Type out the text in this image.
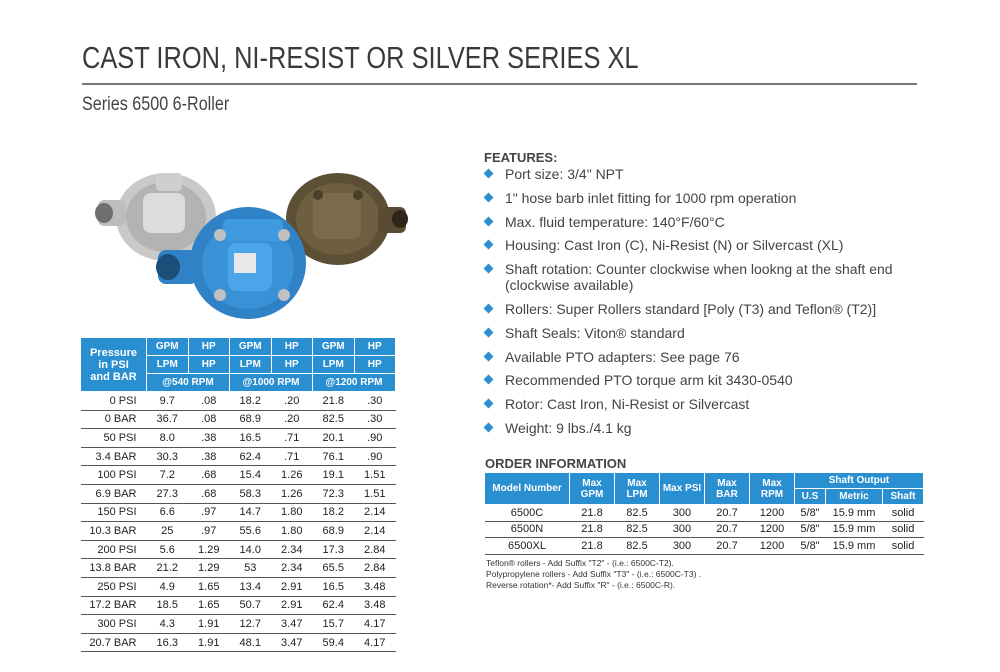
CAST IRON, NI-RESIST OR SILVER SERIES XL
Series 6500 6-Roller
Pressure
in PSI
and BAR	GPM	HP	GPM	HP	GPM	HP
	LPM	HP	LPM	HP	LPM	HP
	@540 RPM		@1000 RPM		@1200 RPM	
0 PSI	9.7	.08	18.2	.20	21.8	.30
0 BAR	36.7	.08	68.9	.20	82.5	.30
50 PSI	8.0	.38	16.5	.71	20.1	.90
3.4 BAR	30.3	.38	62.4	.71	76.1	.90
100 PSI	7.2	.68	15.4	1.26	19.1	1.51
6.9 BAR	27.3	.68	58.3	1.26	72.3	1.51
150 PSI	6.6	.97	14.7	1.80	18.2	2.14
10.3 BAR	25	.97	55.6	1.80	68.9	2.14
200 PSI	5.6	1.29	14.0	2.34	17.3	2.84
13.8 BAR	21.2	1.29	53	2.34	65.5	2.84
250 PSI	4.9	1.65	13.4	2.91	16.5	3.48
17.2 BAR	18.5	1.65	50.7	2.91	62.4	3.48
300 PSI	4.3	1.91	12.7	3.47	15.7	4.17
20.7 BAR	16.3	1.91	48.1	3.47	59.4	4.17
FEATURES:
Port size: 3/4" NPT
1" hose barb inlet fitting for 1000 rpm operation
Max. fluid temperature: 140°F/60°C
Housing: Cast Iron (C), Ni-Resist (N) or Silvercast (XL)
Shaft rotation: Counter clockwise when lookng at the shaft end (clockwise available)
Rollers: Super Rollers standard [Poly (T3) and Teflon® (T2)]
Shaft Seals: Viton® standard
Available PTO adapters: See page 76
Recommended PTO torque arm kit 3430-0540
Rotor: Cast Iron, Ni-Resist or Silvercast
Weight: 9 lbs./4.1 kg
ORDER INFORMATION
Model Number	Max GPM	Max LPM	Max PSI	Max BAR	Max RPM	Shaft Output		
						U.S	Metric	Shaft
6500C	21.8	82.5	300	20.7	1200	5/8"	15.9 mm	solid
6500N	21.8	82.5	300	20.7	1200	5/8"	15.9 mm	solid
6500XL	21.8	82.5	300	20.7	1200	5/8"	15.9 mm	solid
Teflon® rollers - Add Suffix "T2" - (i.e.: 6500C-T2).
Polypropylene rollers - Add Suffix "T3" - (i.e.: 6500C-T3) .
Reverse rotation*- Add Suffix "R" - (i.e.: 6500C-R).
